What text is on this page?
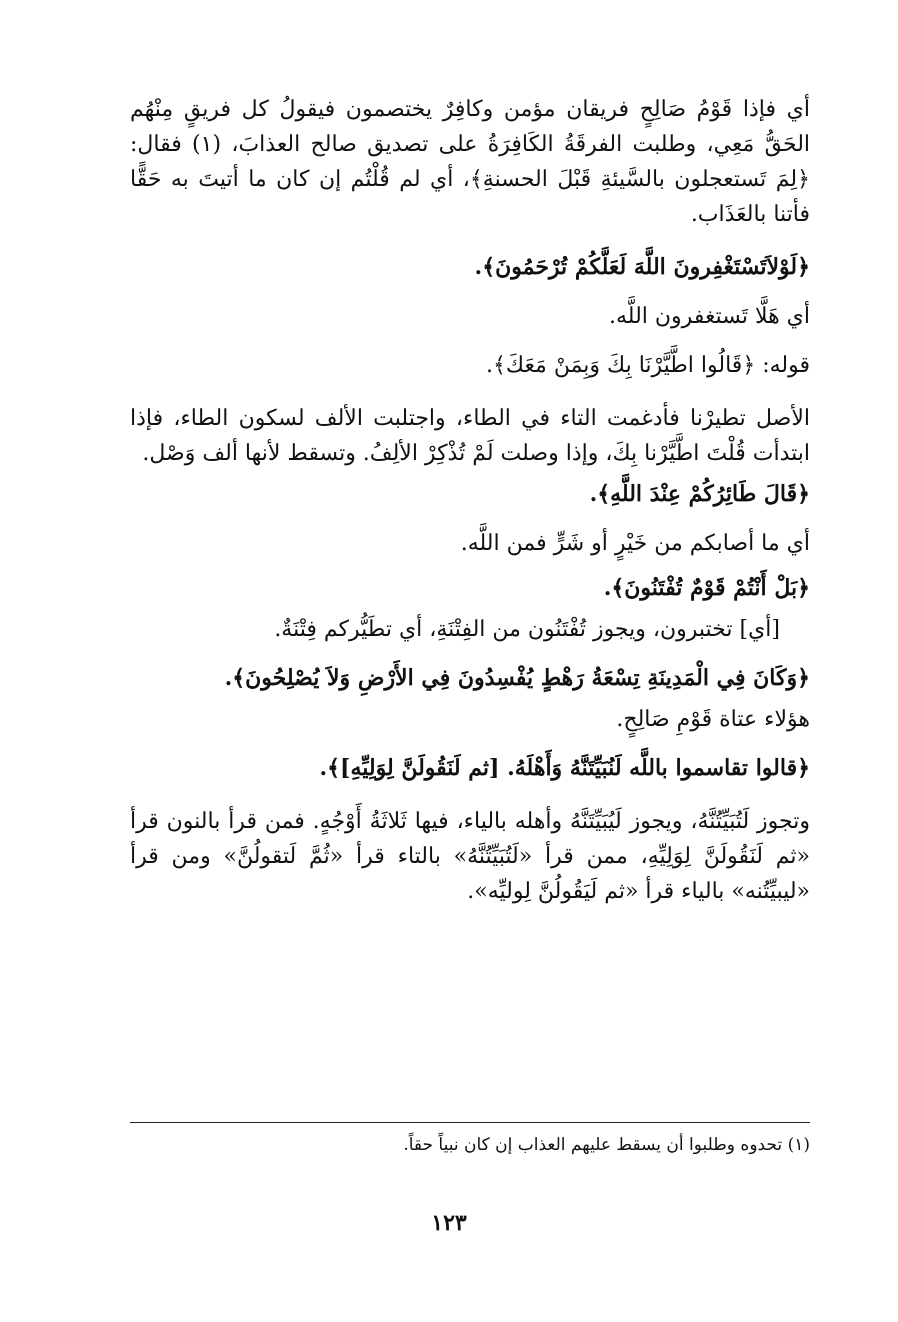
أي فإذا قَوْمُ صَالِحٍ فريقان مؤمن وكافِرٌ يختصمون فيقولُ كل فريقٍ مِنْهُم الحَقُّ مَعِي، وطلبت الفرقَةُ الكَافِرَةُ على تصديق صالح العذابَ، (١) فقال: ﴿لِمَ تَستعجلون بالسَّيئةِ قَبْلَ الحسنةِ﴾، أي لم قُلْتُم إن كان ما أتيتَ به حَقًّا فأتنا بالعَذَاب.

﴿لَوْلاَتَسْتَغْفِرونَ اللَّهَ لَعَلَّكُمْ تُرْحَمُونَ﴾.

أي هَلَّا تَستغفرون اللَّه.

قوله: ﴿قَالُوا اطَّيَّرْنَا بِكَ وَبِمَنْ مَعَكَ﴾.

الأصل تطيرْنا فأدغمت التاء في الطاء، واجتلبت الألف لسكون الطاء، فإذا ابتدأت قُلْتَ اطَّيَّرْنا بِكَ، وإذا وصلت لَمْ تُذْكِرْ الألِفُ. وتسقط لأنها ألف وَصْل.

﴿قَالَ طَائِرُكُمْ عِنْدَ اللَّهِ﴾.

أي ما أصابكم من خَيْرٍ أو شَرٍّ فمن اللَّه.

﴿بَلْ أَنْتُمْ قَوْمٌ تُفْتَنُونَ﴾.

[أي] تختبرون، ويجوز تُفْتَنُون من الفِتْنَةِ، أي تطَيُّركم فِتْنَةٌ.

﴿وَكَانَ فِي الْمَدِينَةِ تِسْعَةُ رَهْطٍ يُفْسِدُونَ فِي الأَرْضِ وَلاَ يُصْلِحُونَ﴾.

هؤلاء عتاة قَوْمِ صَالِحٍ.

﴿قالوا تقاسموا باللَّه لَنُبَيِّتَنَّهُ وَأَهْلَهُ. [ثم لَنَقُولَنَّ لِوَلِيِّهِ]﴾.

وتجوز لَتُبَيِّتُنَّهُ، ويجوز لَيُبَيِّتَنَّهُ وأهله بالياء، فيها ثَلاثَةُ أَوْجُهٍ. فمن قرأ بالنون قرأ «ثم لَنَقُولَنَّ لِوَلِيِّهِ، ممن قرأ «لَتُبَيِّتُنَّهُ» بالتاء قرأ «ثُمَّ لَتقولُنَّ» ومن قرأ «ليبيِّتُنه» بالياء قرأ «ثم لَيَقُولُنَّ لِوليِّه».

(١) تحدوه وطلبوا أن يسقط عليهم العذاب إن كان نبياً حقاً.
١٢٣
